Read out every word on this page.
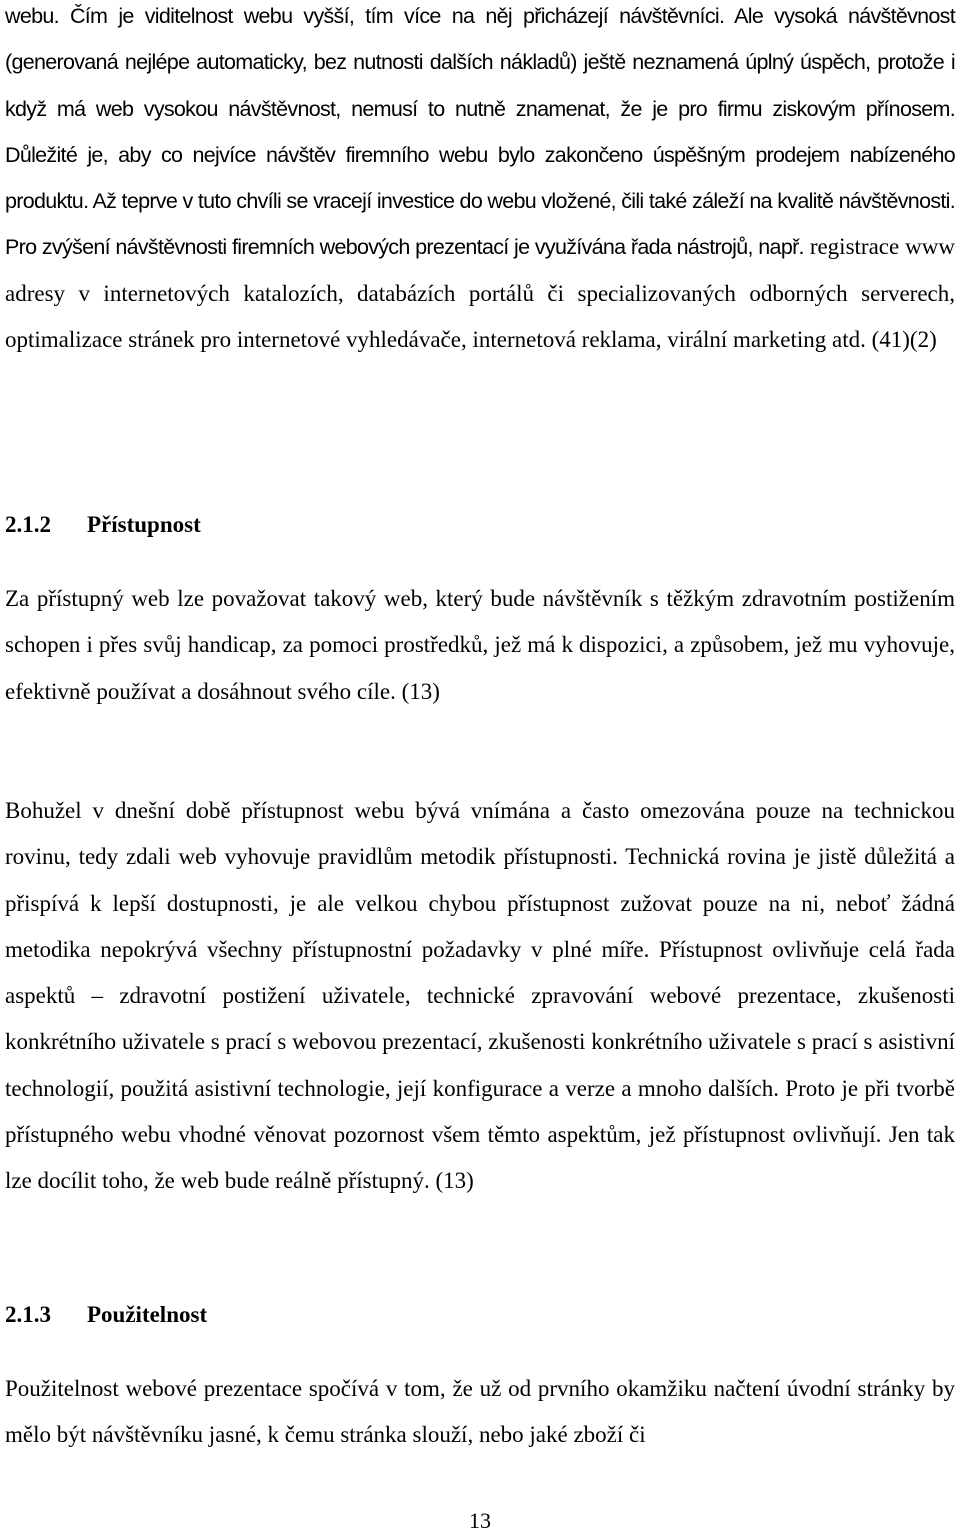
webu. Čím je viditelnost webu vyšší, tím více na něj přicházejí návštěvníci. Ale vysoká návštěvnost (generovaná nejlépe automaticky, bez nutnosti dalších nákladů) ještě neznamená úplný úspěch, protože i když má web vysokou návštěvnost, nemusí to nutně znamenat, že je pro firmu ziskovým přínosem. Důležité je, aby co nejvíce návštěv firemního webu bylo zakončeno úspěšným prodejem nabízeného produktu. Až teprve v tuto chvíli se vracejí investice do webu vložené, čili také záleží na kvalitě návštěvnosti. Pro zvýšení návštěvnosti firemních webových prezentací je využívána řada nástrojů, např. registrace www adresy v internetových katalozích, databázích portálů či specializovaných odborných serverech, optimalizace stránek pro internetové vyhledávače, internetová reklama, virální marketing atd. (41)(2)

2.1.2 Přístupnost

Za přístupný web lze považovat takový web, který bude návštěvník s těžkým zdravotním postižením schopen i přes svůj handicap, za pomoci prostředků, jež má k dispozici, a způsobem, jež mu vyhovuje, efektivně používat a dosáhnout svého cíle. (13)

Bohužel v dnešní době přístupnost webu bývá vnímána a často omezována pouze na technickou rovinu, tedy zdali web vyhovuje pravidlům metodik přístupnosti. Technická rovina je jistě důležitá a přispívá k lepší dostupnosti, je ale velkou chybou přístupnost zužovat pouze na ni, neboť žádná metodika nepokrývá všechny přístupnostní požadavky v plné míře. Přístupnost ovlivňuje celá řada aspektů – zdravotní postižení uživatele, technické zpravování webové prezentace, zkušenosti konkrétního uživatele s prací s webovou prezentací, zkušenosti konkrétního uživatele s prací s asistivní technologií, použitá asistivní technologie, její konfigurace a verze a mnoho dalších. Proto je při tvorbě přístupného webu vhodné věnovat pozornost všem těmto aspektům, jež přístupnost ovlivňují. Jen tak lze docílit toho, že web bude reálně přístupný. (13)

2.1.3 Použitelnost

Použitelnost webové prezentace spočívá v tom, že už od prvního okamžiku načtení úvodní stránky by mělo být návštěvníku jasné, k čemu stránka slouží, nebo jaké zboží či

13
